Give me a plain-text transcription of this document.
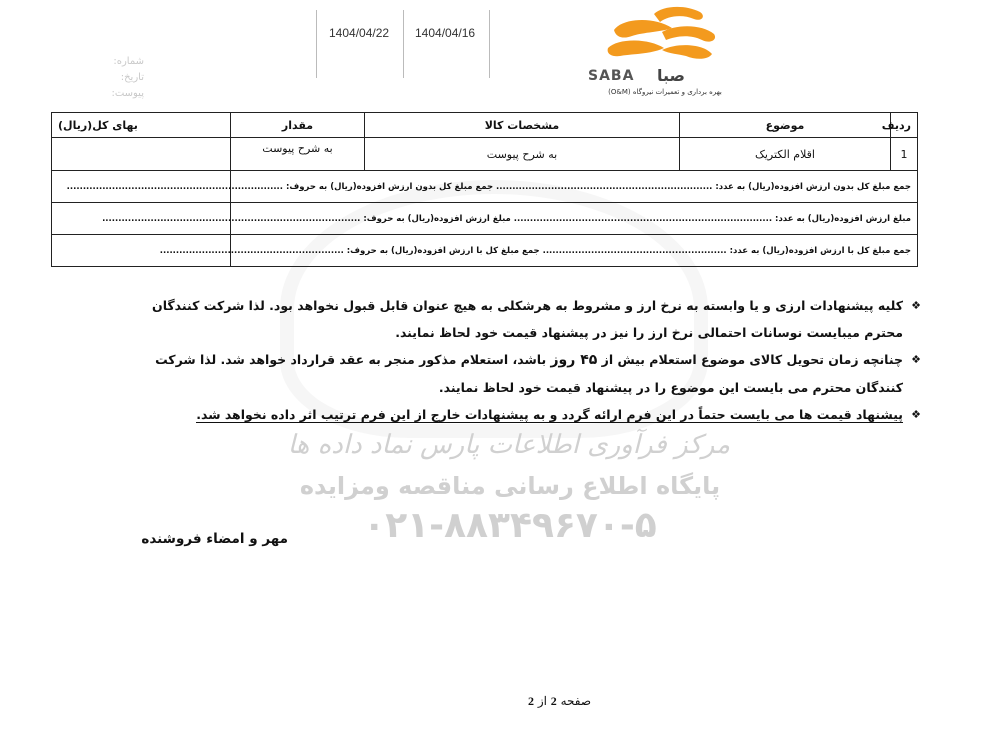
مرکز فرآوری اطلاعات پارس نماد داده ها
پایگاه اطلاع رسانی مناقصه ومزایده
۰۲۱-۸۸۳۴۹۶۷۰-۵
1404/04/22 1404/04/16
شماره:
تاریخ:
پیوست:
SABA صبا
بهره برداری و تعمیرات نیروگاه (O&M)
ردیف	موضوع	مشخصات کالا	مقدار	بهای کل(ریال)
1	اقلام الکتریک	به شرح پیوست	به شرح پیوست	
جمع مبلغ کل بدون ارزش افزوده(ریال) به عدد: ................................................................... جمع مبلغ کل بدون ارزش افزوده(ریال) به حروف: ...................................................................				
مبلغ ارزش افزوده(ریال) به عدد: ................................................................................ مبلغ ارزش افزوده(ریال) به حروف: ................................................................................				
جمع مبلغ کل با ارزش افزوده(ریال) به عدد: ......................................................... جمع مبلغ کل با ارزش افزوده(ریال) به حروف: .........................................................				
❖ کلیه پیشنهادات ارزی و یا وابسته به نرخ ارز و مشروط به هرشکلی به هیچ عنوان قابل قبول نخواهد بود. لذا شرکت کنندگان محترم میبایست نوسانات احتمالی نرخ ارز را نیز در پیشنهاد قیمت خود لحاظ نمایند.
❖ چنانچه زمان تحویل کالای موضوع استعلام بیش از ۴۵ روز باشد، استعلام مذکور منجر به عقد قرارداد خواهد شد. لذا شرکت کنندگان محترم می بایست این موضوع را در پیشنهاد قیمت خود لحاظ نمایند.
❖ پیشنهاد قیمت ها می بایست حتماً در این فرم ارائه گردد و به پیشنهادات خارج از این فرم ترتیب اثر داده نخواهد شد.
مهر و امضاء فروشنده
صفحه 2 از 2
